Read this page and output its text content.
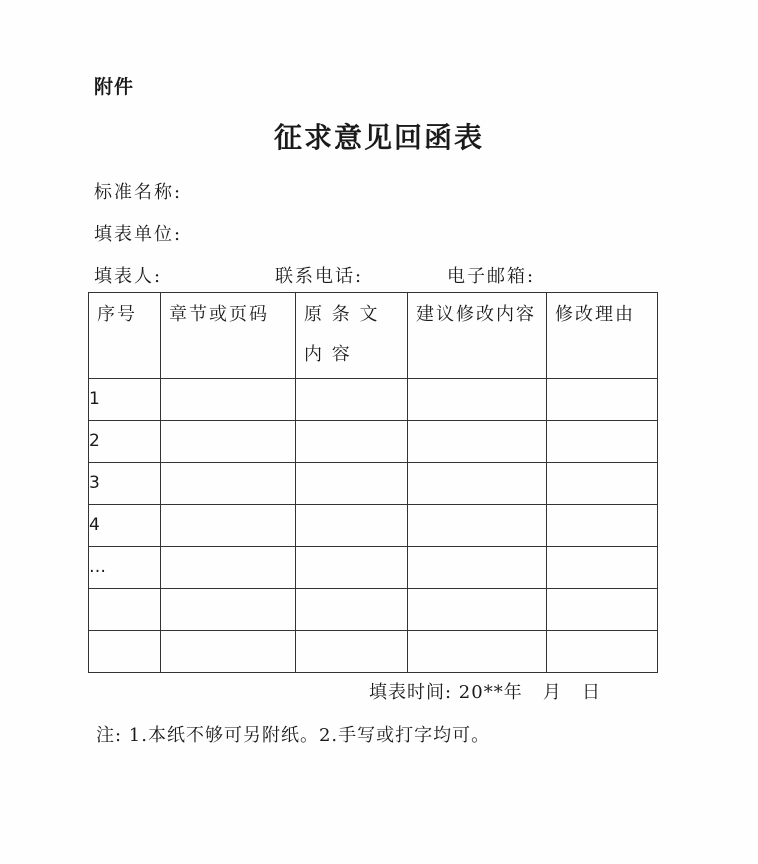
附件
征求意见回函表
标准名称:
填表单位:
填表人:	联系电话:	电子邮箱:
序号	章节或页码	原 条 文 内 容	建议修改内容	修改理由
1				
2				
3				
4				
…				

填表时间: 20**年   月   日
注: 1.本纸不够可另附纸。2.手写或打字均可。
